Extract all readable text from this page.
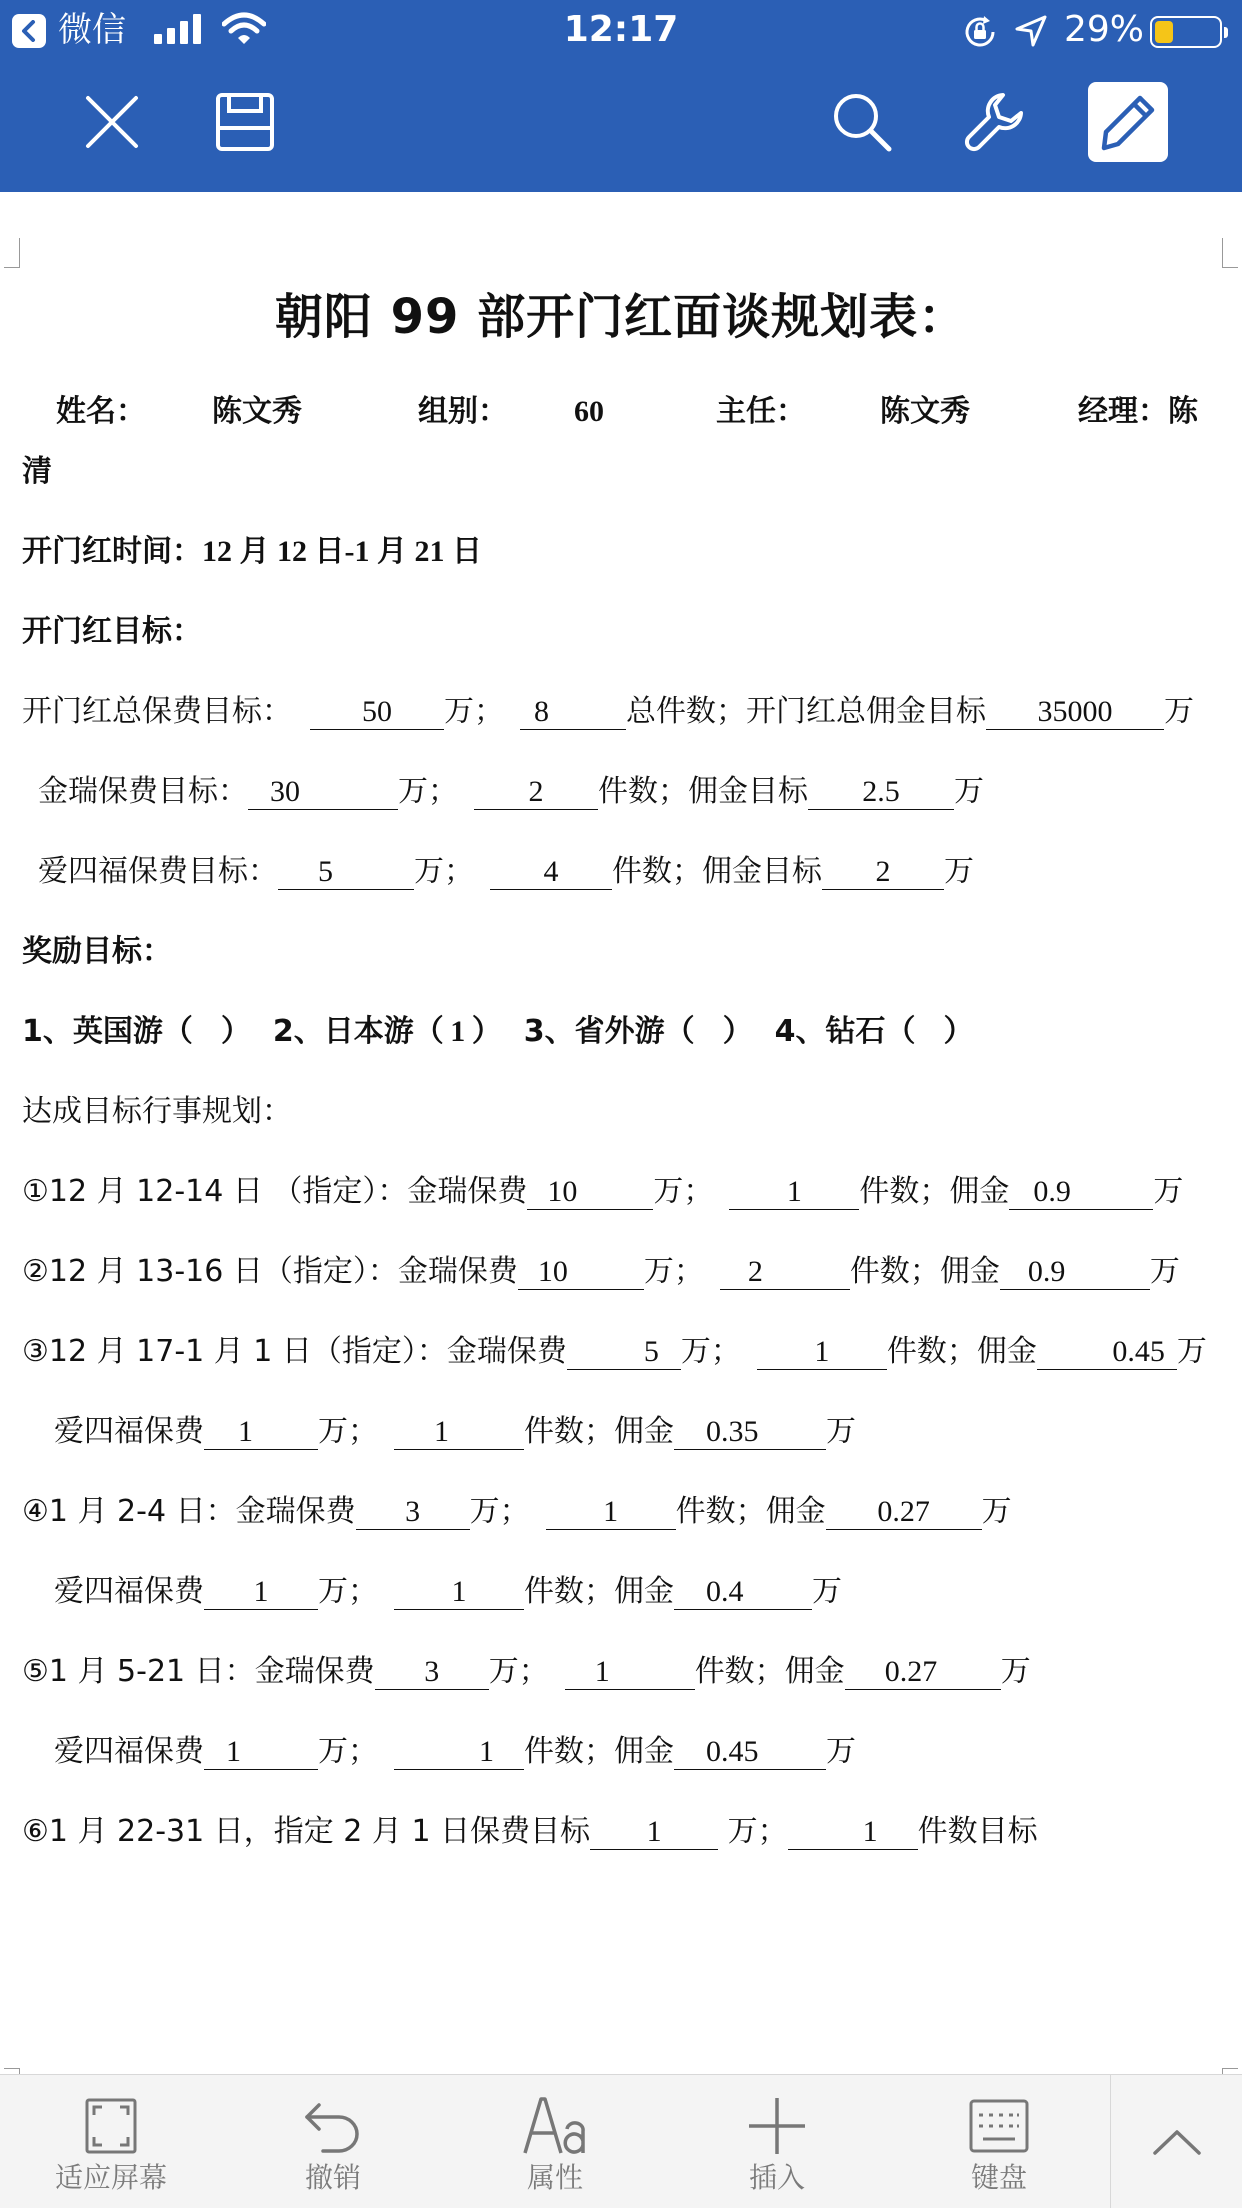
微信	12:17	29%
朝阳 99 部开门红面谈规划表：
姓名： 陈文秀	组别： 60	主任： 陈文秀	经理：陈
清
开门红时间：12 月 12 日-1 月 21 日
开门红目标：
开门红总保费目标： 50 万； 8	总件数；开门红总佣金目标 35000 万
金瑞保费目标： 30	万； 2 件数；佣金目标 2.5 万
爱四福保费目标： 5	万； 4 件数；佣金目标 2 万
奖励目标：
1、英国游（ ） 2、日本游（ 1 ） 3、省外游（ ） 4、钻石（ ）
达成目标行事规划：
①12 月 12-14 日 （指定）：金瑞保费 10	万； 1 件数；佣金 0.9	万
②12 月 13-16 日（指定）：金瑞保费 10	万； 2	件数；佣金 0.9	万
③12 月 17-1 月 1 日（指定）：金瑞保费	5 万； 1 件数；佣金	0.45 万
爱四福保费 1 万； 1	件数；佣金 0.35 万
④1 月 2-4 日：金瑞保费 3 万； 1 件数；佣金 0.27 万
爱四福保费 1 万； 1 件数；佣金 0.4 万
⑤1 月 5-21 日：金瑞保费 3 万； 1	件数；佣金 0.27 万
爱四福保费 1	万；	1 件数；佣金 0.45 万
⑥1 月 22-31 日，指定 2 月 1 日保费目标 1 万；	1 件数目标
适应屏幕	撤销	属性	插入	键盘
